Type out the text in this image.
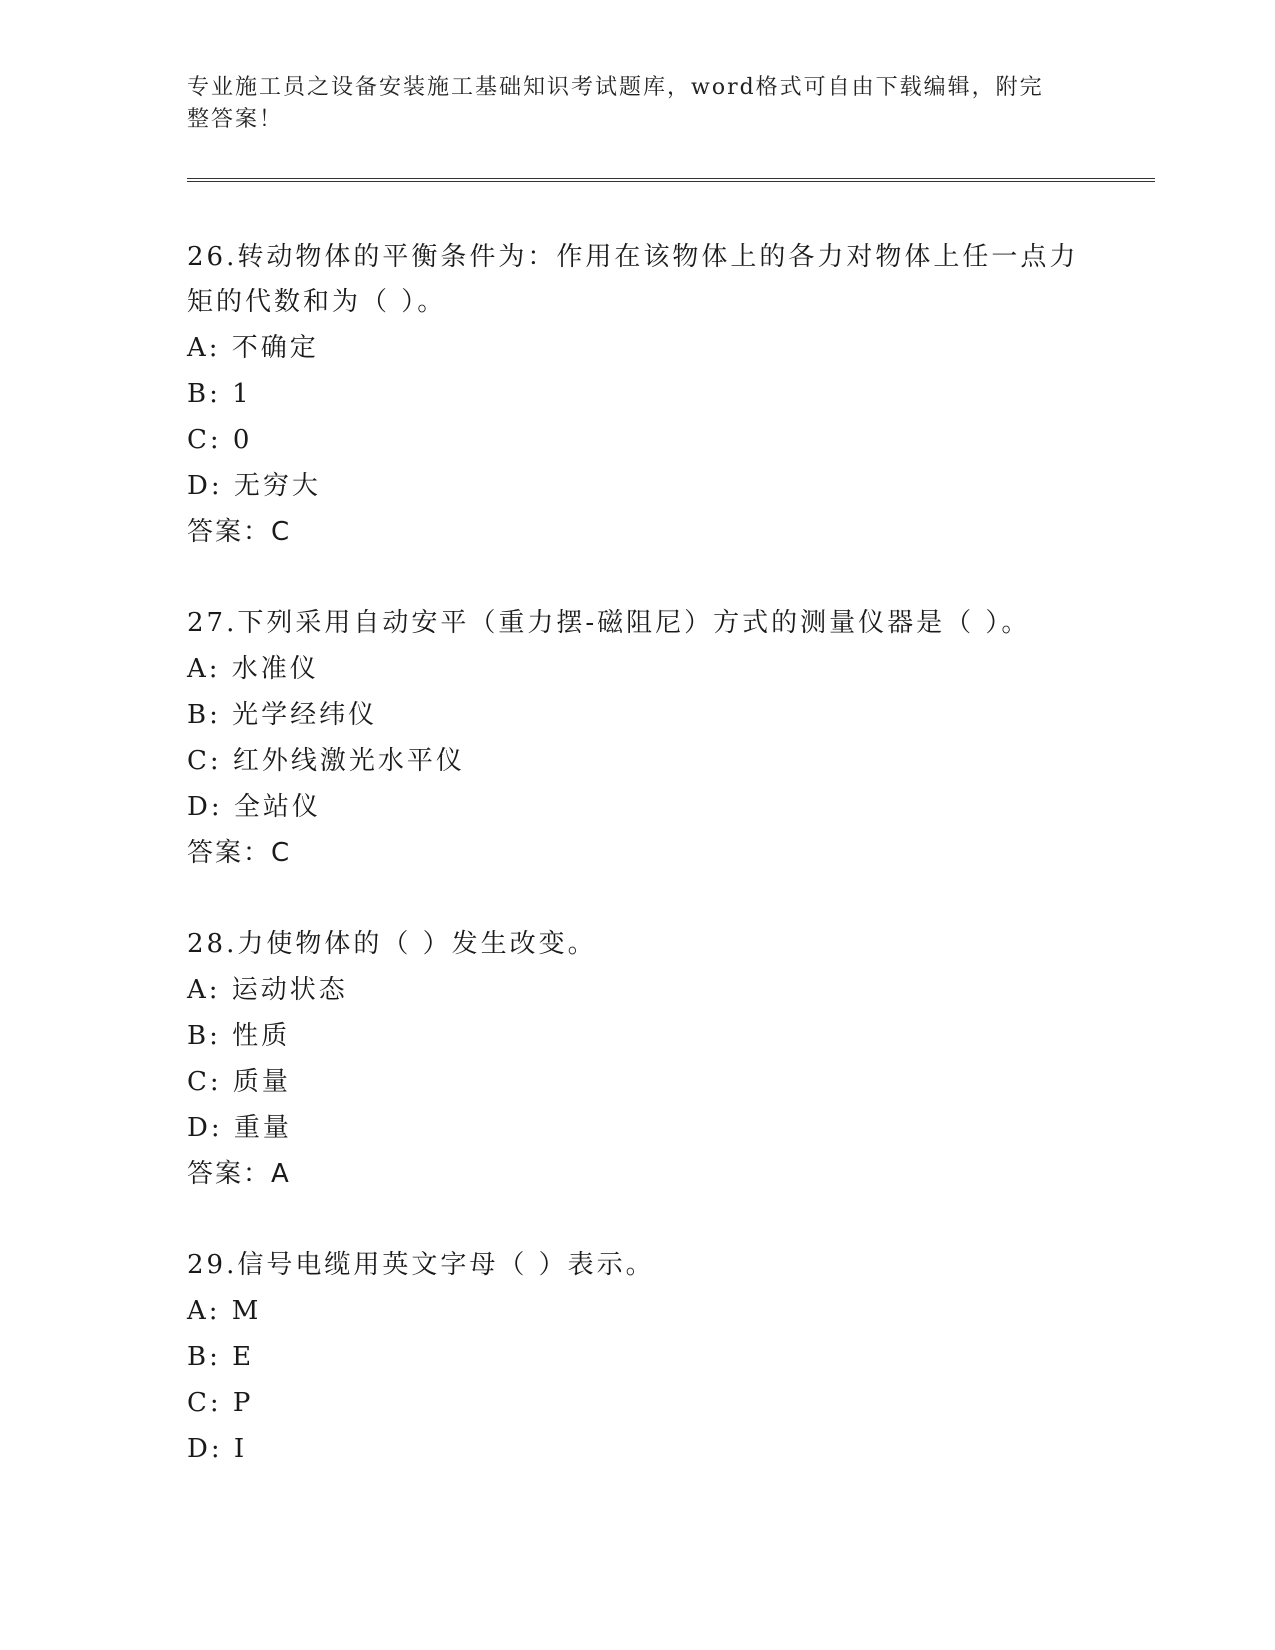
专业施工员之设备安装施工基础知识考试题库，word格式可自由下载编辑，附完整答案！

26.转动物体的平衡条件为：作用在该物体上的各力对物体上任一点力矩的代数和为（ ）。

A: 不确定

B: 1

C: 0

D: 无穷大

答案：C

27.下列采用自动安平（重力摆-磁阻尼）方式的测量仪器是（ ）。

A: 水准仪

B: 光学经纬仪

C: 红外线激光水平仪

D: 全站仪

答案：C

28.力使物体的（ ）发生改变。

A: 运动状态

B: 性质

C: 质量

D: 重量

答案：A

29.信号电缆用英文字母（ ）表示。

A: M

B: E

C: P

D: I
